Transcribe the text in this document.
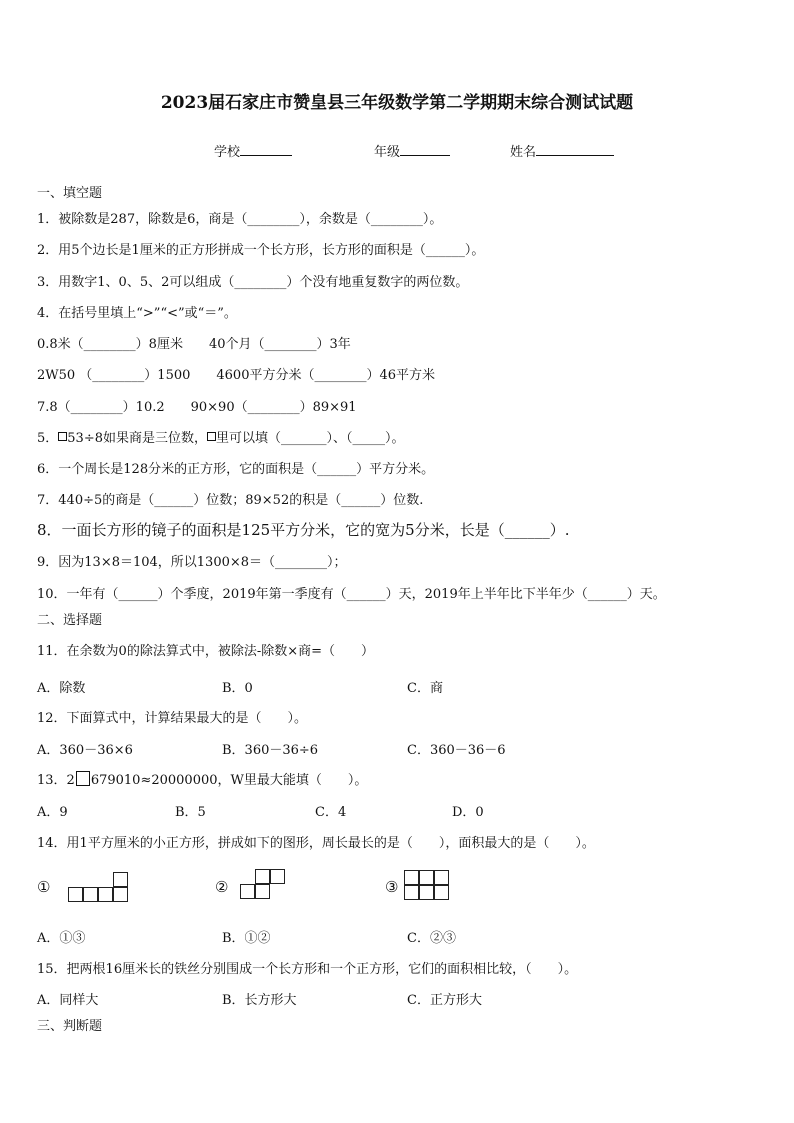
2023届石家庄市赞皇县三年级数学第二学期期末综合测试试题
学校	年级	姓名
一、填空题
1．被除数是287，除数是6，商是（________），余数是（________）。
2．用5个边长是1厘米的正方形拼成一个长方形，长方形的面积是（______）。
3．用数字1、0、5、2可以组成（________）个没有地重复数字的两位数。
4．在括号里填上“>”“<”或“＝”。
0.8米（________）8厘米　　40个月（________）3年
2W50 （________）1500　　4600平方分米（________）46平方米
7.8（________）10.2　　90×90（________）89×91
5． 53÷8如果商是三位数， 里可以填（_______）、（_____）。
6．一个周长是128分米的正方形，它的面积是（______）平方分米。
7．440÷5的商是（______）位数；89×52的积是（______）位数.
8．一面长方形的镜子的面积是125平方分米，它的宽为5分米，长是（______）.
9．因为13×8＝104，所以1300×8＝（________）；
10．一年有（______）个季度，2019年第一季度有（______）天，2019年上半年比下半年少（______）天。
二、选择题
11．在余数为0的除法算式中，被除法-除数×商=（　　）
A．除数	B．0	C．商
12．下面算式中，计算结果最大的是（　　）。
A．360－36×6	B．360－36÷6	C．360－36－6
13．2 679010≈20000000，W里最大能填（　　）。
A．9	B．5	C．4	D．0
14．用1平方厘米的小正方形，拼成如下的图形，周长最长的是（　　），面积最大的是（　　）。
①	②	③
A．①③	B．①②	C．②③
15．把两根16厘米长的铁丝分别围成一个长方形和一个正方形，它们的面积相比较，（　　）。
A．同样大	B．长方形大	C．正方形大
三、判断题
